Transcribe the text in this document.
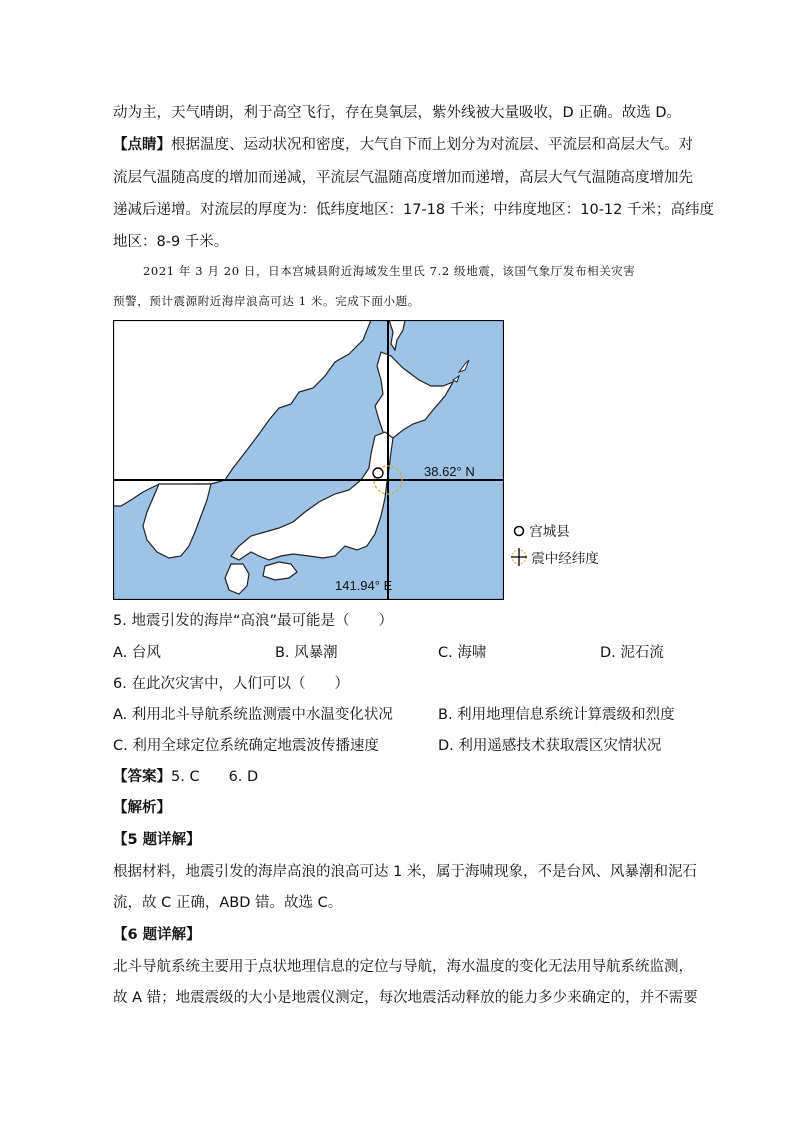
动为主，天气晴朗，利于高空飞行，存在臭氧层，紫外线被大量吸收，D 正确。故选 D。
【点睛】根据温度、运动状况和密度，大气自下而上划分为对流层、平流层和高层大气。对
流层气温随高度的增加而递减，平流层气温随高度增加而递增，高层大气气温随高度增加先
递减后递增。对流层的厚度为：低纬度地区：17-18 千米；中纬度地区：10-12 千米；高纬度
地区：8-9 千米。
2021 年 3 月 20 日，日本宫城县附近海域发生里氏 7.2 级地震，该国气象厅发布相关灾害
预警，预计震源附近海岸浪高可达 1 米。完成下面小题。
38.62° N
141.94° E
宫城县
震中经纬度
5. 地震引发的海岸“高浪”最可能是（　　）
A. 台风	B. 风暴潮	C. 海啸	D. 泥石流
6. 在此次灾害中，人们可以（　　）
A. 利用北斗导航系统监测震中水温变化状况	B. 利用地理信息系统计算震级和烈度
C. 利用全球定位系统确定地震波传播速度	D. 利用遥感技术获取震区灾情状况
【答案】5. C　　6. D
【解析】
【5 题详解】
根据材料，地震引发的海岸高浪的浪高可达 1 米，属于海啸现象，不是台风、风暴潮和泥石
流，故 C 正确，ABD 错。故选 C。
【6 题详解】
北斗导航系统主要用于点状地理信息的定位与导航，海水温度的变化无法用导航系统监测，
故 A 错；地震震级的大小是地震仪测定，每次地震活动释放的能力多少来确定的，并不需要
